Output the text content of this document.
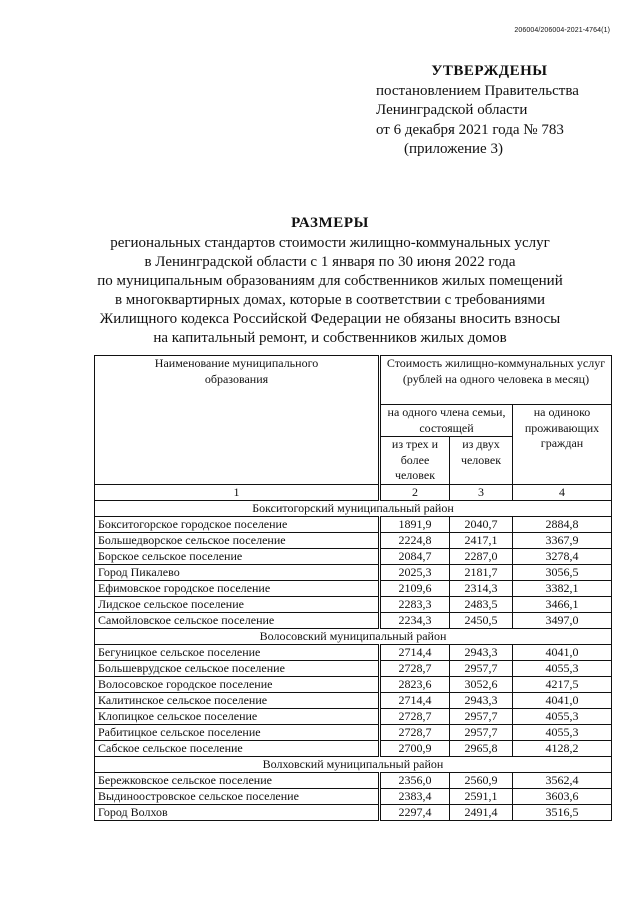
206004/206004-2021-4764(1)
УТВЕРЖДЕНЫ
постановлением Правительства
Ленинградской области
от 6 декабря 2021 года № 783
(приложение 3)
РАЗМЕРЫ
региональных стандартов стоимости жилищно-коммунальных услуг
в Ленинградской области с 1 января по 30 июня 2022 года
по муниципальным образованиям для собственников жилых помещений
в многоквартирных домах, которые в соответствии с требованиями
Жилищного кодекса Российской Федерации не обязаны вносить взносы
на капитальный ремонт, и собственников жилых домов
Наименование муниципального образования	Стоимость жилищно-коммунальных услуг (рублей на одного человека в месяц)		
	на одного члена семьи, состоящей		на одиноко проживающих граждан
	из трех и более человек	из двух человек	
1	2	3	4
Бокситогорский муниципальный район			
Бокситогорское городское поселение	1891,9	2040,7	2884,8
Большедворское сельское поселение	2224,8	2417,1	3367,9
Борское сельское поселение	2084,7	2287,0	3278,4
Город Пикалево	2025,3	2181,7	3056,5
Ефимовское городское поселение	2109,6	2314,3	3382,1
Лидское сельское поселение	2283,3	2483,5	3466,1
Самойловское сельское поселение	2234,3	2450,5	3497,0
Волосовский муниципальный район			
Бегуницкое сельское поселение	2714,4	2943,3	4041,0
Большеврудское сельское поселение	2728,7	2957,7	4055,3
Волосовское городское поселение	2823,6	3052,6	4217,5
Калитинское сельское поселение	2714,4	2943,3	4041,0
Клопицкое сельское поселение	2728,7	2957,7	4055,3
Рабитицкое сельское поселение	2728,7	2957,7	4055,3
Сабское сельское поселение	2700,9	2965,8	4128,2
Волховский муниципальный район			
Бережковское сельское поселение	2356,0	2560,9	3562,4
Выдиноостровское сельское поселение	2383,4	2591,1	3603,6
Город Волхов	2297,4	2491,4	3516,5
